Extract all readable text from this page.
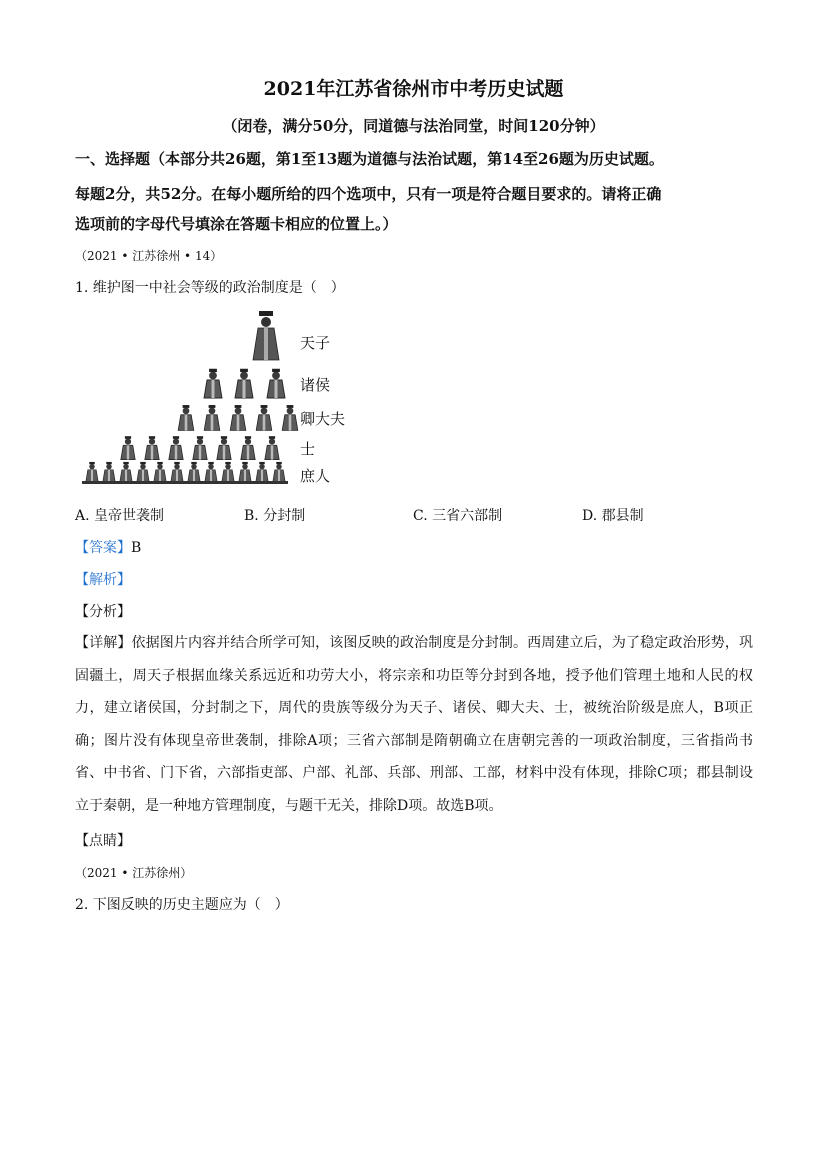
2021年江苏省徐州市中考历史试题
（闭卷，满分50分，同道德与法治同堂，时间120分钟）
一、选择题（本部分共26题，第1至13题为道德与法治试题，第14至26题为历史试题。
每题2分，共52分。在每小题所给的四个选项中，只有一项是符合题目要求的。请将正确
选项前的字母代号填涂在答题卡相应的位置上。）
（2021 • 江苏徐州 • 14）
1. 维护图一中社会等级的政治制度是（　）
天子
诸侯
卿大夫
士
庶人
A. 皇帝世袭制	B. 分封制	C. 三省六部制	D. 郡县制
【答案】B
【解析】
【分析】
【详解】依据图片内容并结合所学可知，该图反映的政治制度是分封制。西周建立后，为了稳定政治形势，巩固疆土，周天子根据血缘关系远近和功劳大小，将宗亲和功臣等分封到各地，授予他们管理土地和人民的权力，建立诸侯国，分封制之下，周代的贵族等级分为天子、诸侯、卿大夫、士，被统治阶级是庶人，B项正确；图片没有体现皇帝世袭制，排除A项；三省六部制是隋朝确立在唐朝完善的一项政治制度，三省指尚书省、中书省、门下省，六部指吏部、户部、礼部、兵部、刑部、工部，材料中没有体现，排除C项；郡县制设立于秦朝，是一种地方管理制度，与题干无关，排除D项。故选B项。
【点睛】
（2021 • 江苏徐州）
2. 下图反映的历史主题应为（　）
